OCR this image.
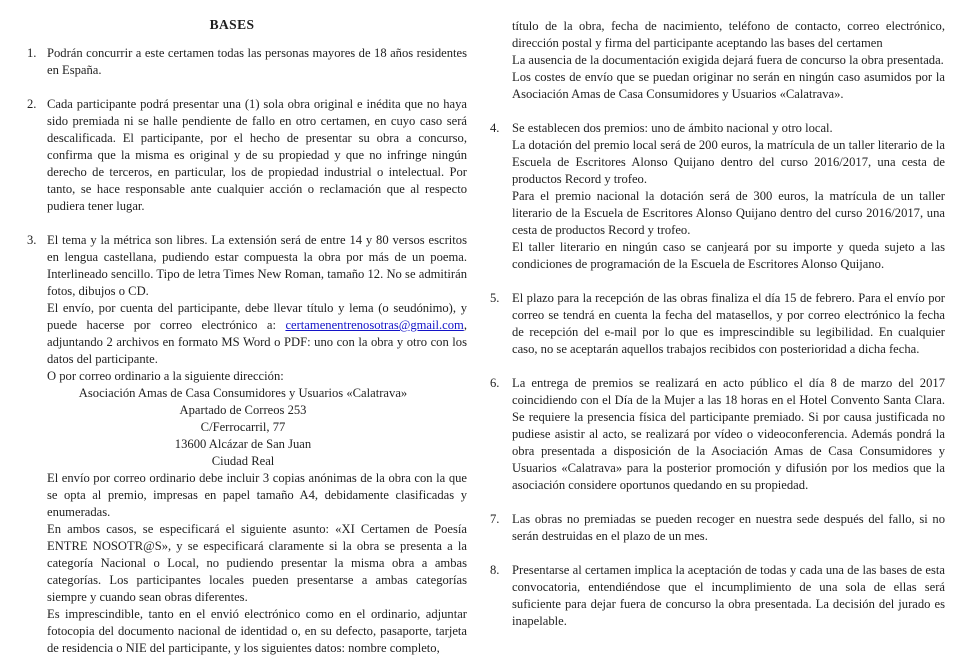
BASES
1. Podrán concurrir a este certamen todas las personas mayores de 18 años residentes en España.

2. Cada participante podrá presentar una (1) sola obra original e inédita que no haya sido premiada ni se halle pendiente de fallo en otro certamen, en cuyo caso será descalificada. El participante, por el hecho de presentar su obra a concurso, confirma que la misma es original y de su propiedad y que no infringe ningún derecho de terceros, en particular, los de propiedad industrial o intelectual. Por tanto, se hace responsable ante cualquier acción o reclamación que al respecto pudiera tener lugar.

3. El tema y la métrica son libres. La extensión será de entre 14 y 80 versos escritos en lengua castellana, pudiendo estar compuesta la obra por más de un poema. Interlineado sencillo. Tipo de letra Times New Roman, tamaño 12. No se admitirán fotos, dibujos o CD.

El envío, por cuenta del participante, debe llevar título y lema (o seudónimo), y puede hacerse por correo electrónico a: certamenentrenosotras@gmail.com, adjuntando 2 archivos en formato MS Word o PDF: uno con la obra y otro con los datos del participante.

O por correo ordinario a la siguiente dirección:

Asociación Amas de Casa Consumidores y Usuarios «Calatrava»

Apartado de Correos 253

C/Ferrocarril, 77

13600 Alcázar de San Juan

Ciudad Real

El envío por correo ordinario debe incluir 3 copias anónimas de la obra con la que se opta al premio, impresas en papel tamaño A4, debidamente clasificadas y enumeradas.

En ambos casos, se especificará el siguiente asunto: «XI Certamen de Poesía ENTRE NOSOTR@S», y se especificará claramente si la obra se presenta a la categoría Nacional o Local, no pudiendo presentar la misma obra a ambas categorías. Los participantes locales pueden presentarse a ambas categorías siempre y cuando sean obras diferentes.

Es imprescindible, tanto en el envió electrónico como en el ordinario, adjuntar fotocopia del documento nacional de identidad o, en su defecto, pasaporte, tarjeta de residencia o NIE del participante, y los siguientes datos: nombre completo,

título de la obra, fecha de nacimiento, teléfono de contacto, correo electrónico, dirección postal y firma del participante aceptando las bases del certamen

La ausencia de la documentación exigida dejará fuera de concurso la obra presentada.

Los costes de envío que se puedan originar no serán en ningún caso asumidos por la Asociación Amas de Casa Consumidores y Usuarios «Calatrava».

4. Se establecen dos premios: uno de ámbito nacional y otro local.

La dotación del premio local será de 200 euros, la matrícula de un taller literario de la Escuela de Escritores Alonso Quijano dentro del curso 2016/2017, una cesta de productos Record y trofeo.

Para el premio nacional la dotación será de 300 euros, la matrícula de un taller literario de la Escuela de Escritores Alonso Quijano dentro del curso 2016/2017, una cesta de productos Record y trofeo.

El taller literario en ningún caso se canjeará por su importe y queda sujeto a las condiciones de programación de la Escuela de Escritores Alonso Quijano.

5. El plazo para la recepción de las obras finaliza el día 15 de febrero. Para el envío por correo se tendrá en cuenta la fecha del matasellos, y por correo electrónico la fecha de recepción del e-mail por lo que es imprescindible su legibilidad. En cualquier caso, no se aceptarán aquellos trabajos recibidos con posterioridad a dicha fecha.

6. La entrega de premios se realizará en acto público el día 8 de marzo del 2017 coincidiendo con el Día de la Mujer a las 18 horas en el Hotel Convento Santa Clara. Se requiere la presencia física del participante premiado. Si por causa justificada no pudiese asistir al acto, se realizará por vídeo o videoconferencia. Además pondrá la obra presentada a disposición de la Asociación Amas de Casa Consumidores y Usuarios «Calatrava» para la posterior promoción y difusión por los medios que la asociación considere oportunos quedando en su propiedad.

7. Las obras no premiadas se pueden recoger en nuestra sede después del fallo, si no serán destruidas en el plazo de un mes.

8. Presentarse al certamen implica la aceptación de todas y cada una de las bases de esta convocatoria, entendiéndose que el incumplimiento de una sola de ellas será suficiente para dejar fuera de concurso la obra presentada. La decisión del jurado es inapelable.
